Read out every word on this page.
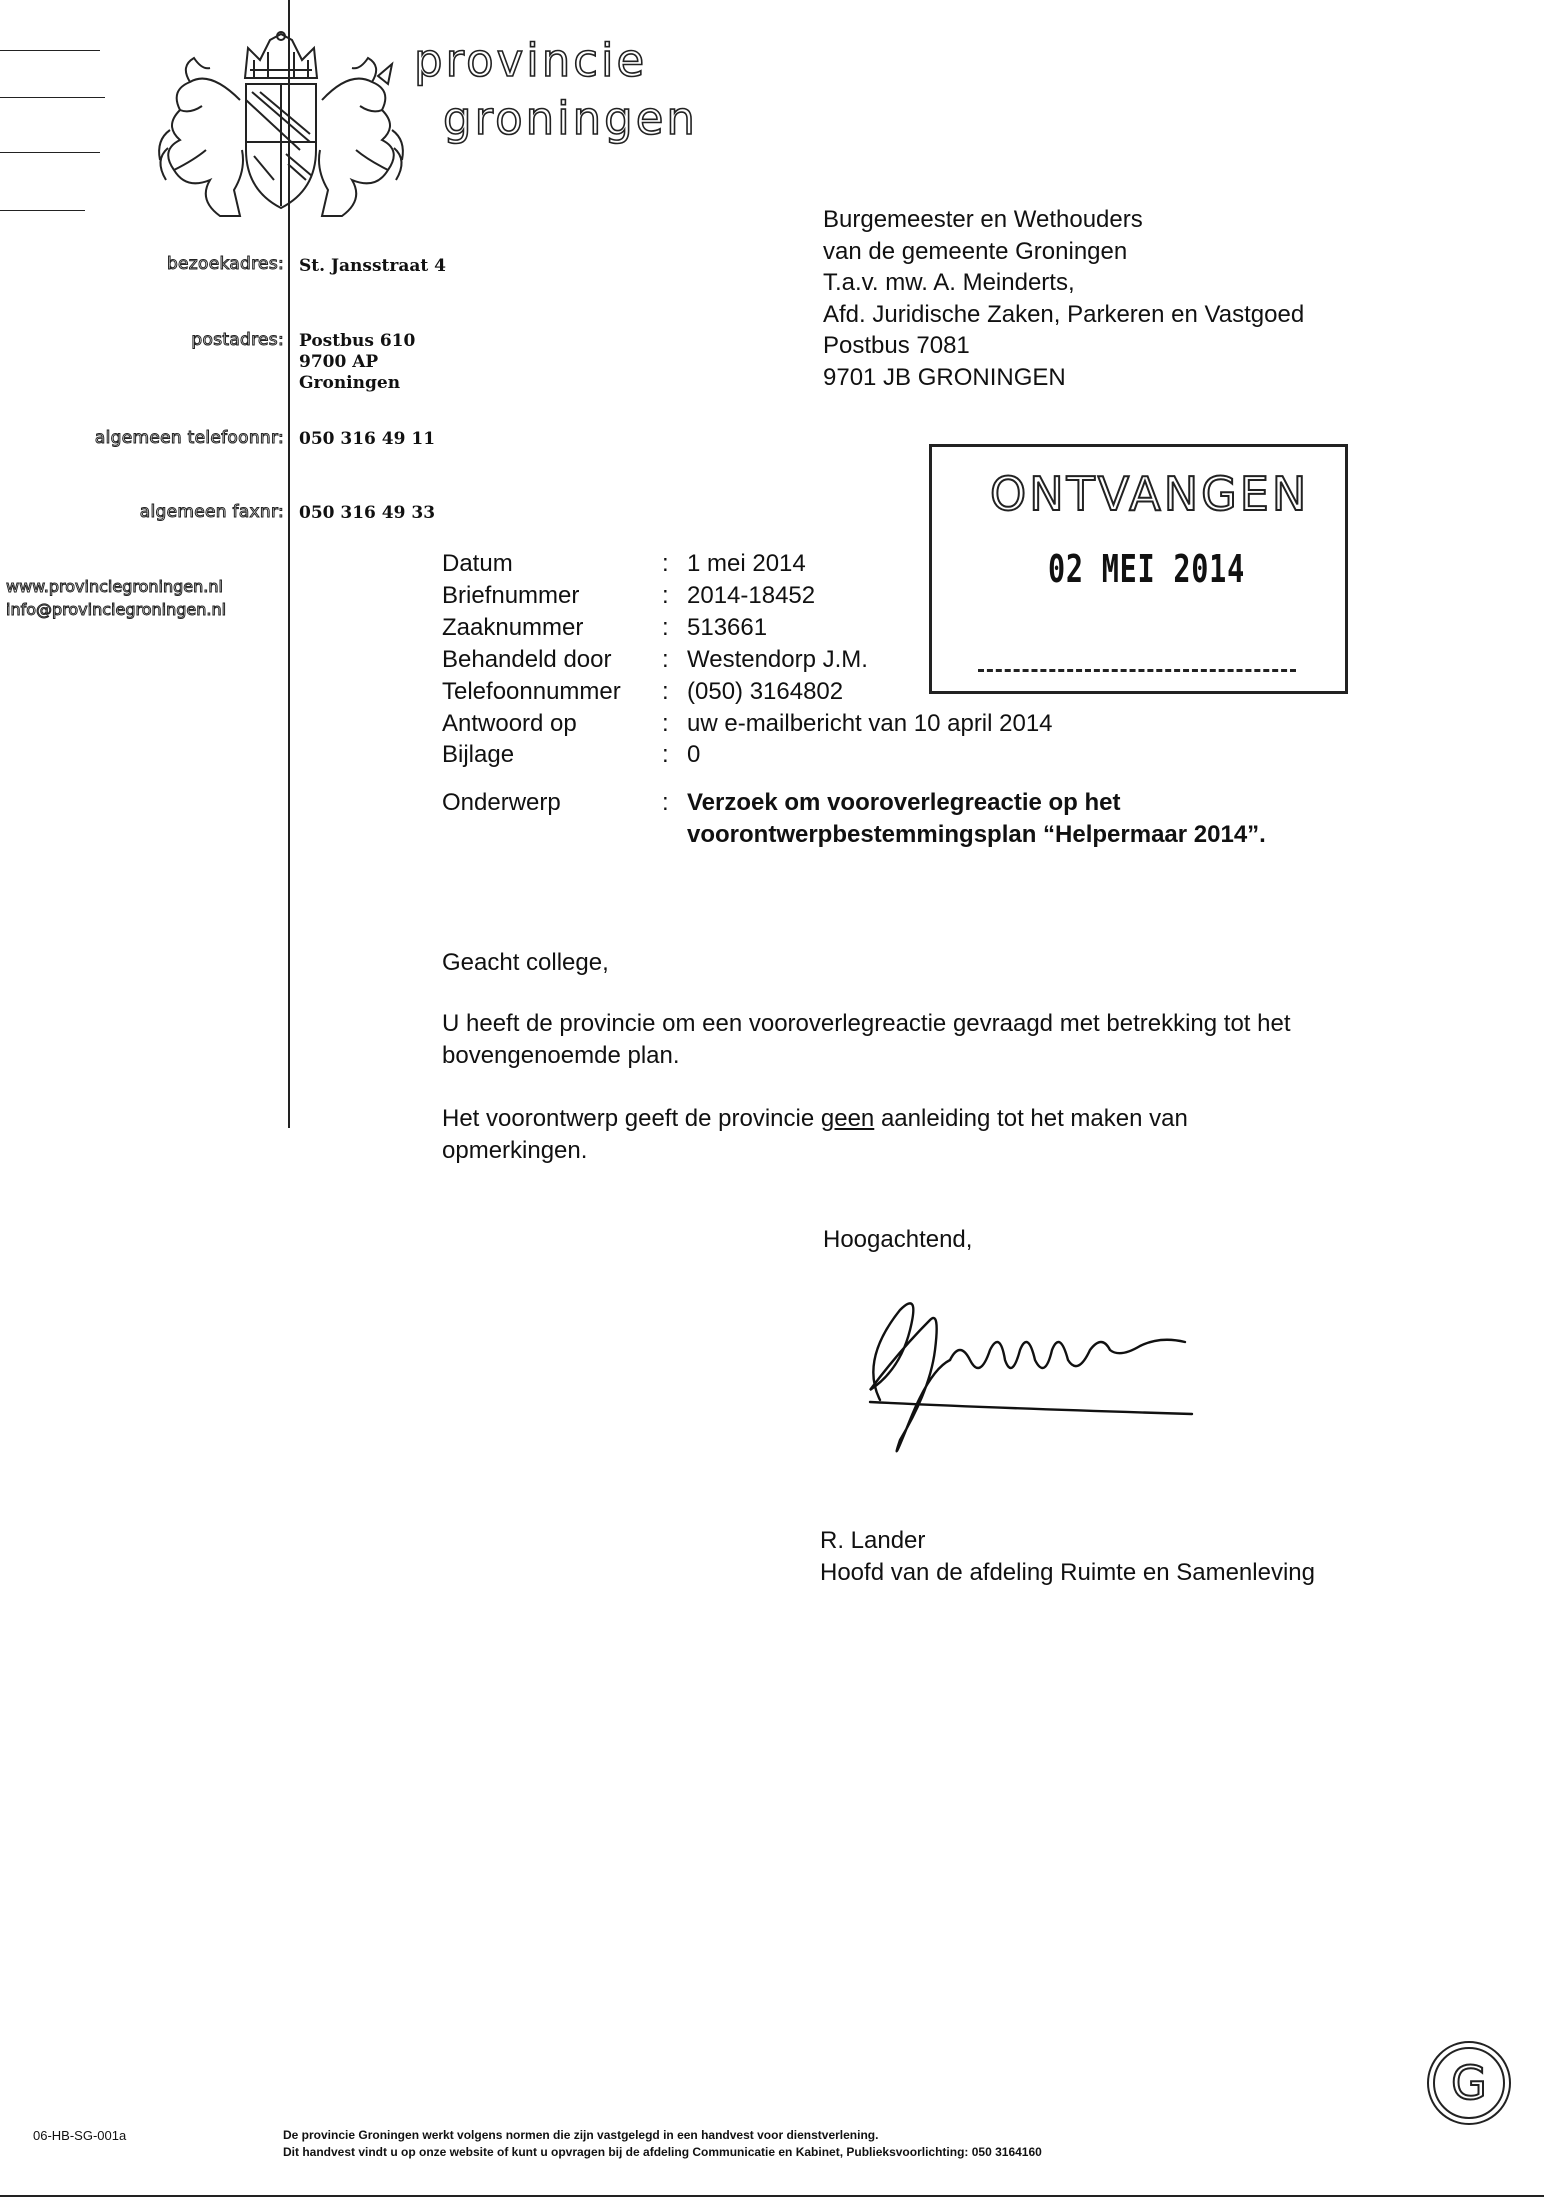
provincie
groningen
bezoekadres: St. Jansstraat 4
postadres: Postbus 610
9700 AP
Groningen
algemeen telefoonnr: 050 316 49 11
algemeen faxnr: 050 316 49 33
www.provinciegroningen.nl
info@provinciegroningen.nl
Burgemeester en Wethouders
van de gemeente Groningen
T.a.v. mw. A. Meinderts,
Afd. Juridische Zaken, Parkeren en Vastgoed
Postbus 7081
9701 JB GRONINGEN
ONTVANGEN
02 MEI 2014
Datum	: 1 mei 2014
Briefnummer	: 2014-18452
Zaaknummer	: 513661
Behandeld door : Westendorp J.M.
Telefoonnummer : (050) 3164802
Antwoord op	: uw e-mailbericht van 10 april 2014
Bijlage	: 0
Onderwerp	: Verzoek om vooroverlegreactie op het
voorontwerpbestemmingsplan “Helpermaar 2014”.
Geacht college,
U heeft de provincie om een vooroverlegreactie gevraagd met betrekking tot het
bovengenoemde plan.
Het voorontwerp geeft de provincie geen aanleiding tot het maken van
opmerkingen.
Hoogachtend,
R. Lander
Hoofd van de afdeling Ruimte en Samenleving
06-HB-SG-001a	De provincie Groningen werkt volgens normen die zijn vastgelegd in een handvest voor dienstverlening.
Dit handvest vindt u op onze website of kunt u opvragen bij de afdeling Communicatie en Kabinet, Publieksvoorlichting: 050 3164160
G
